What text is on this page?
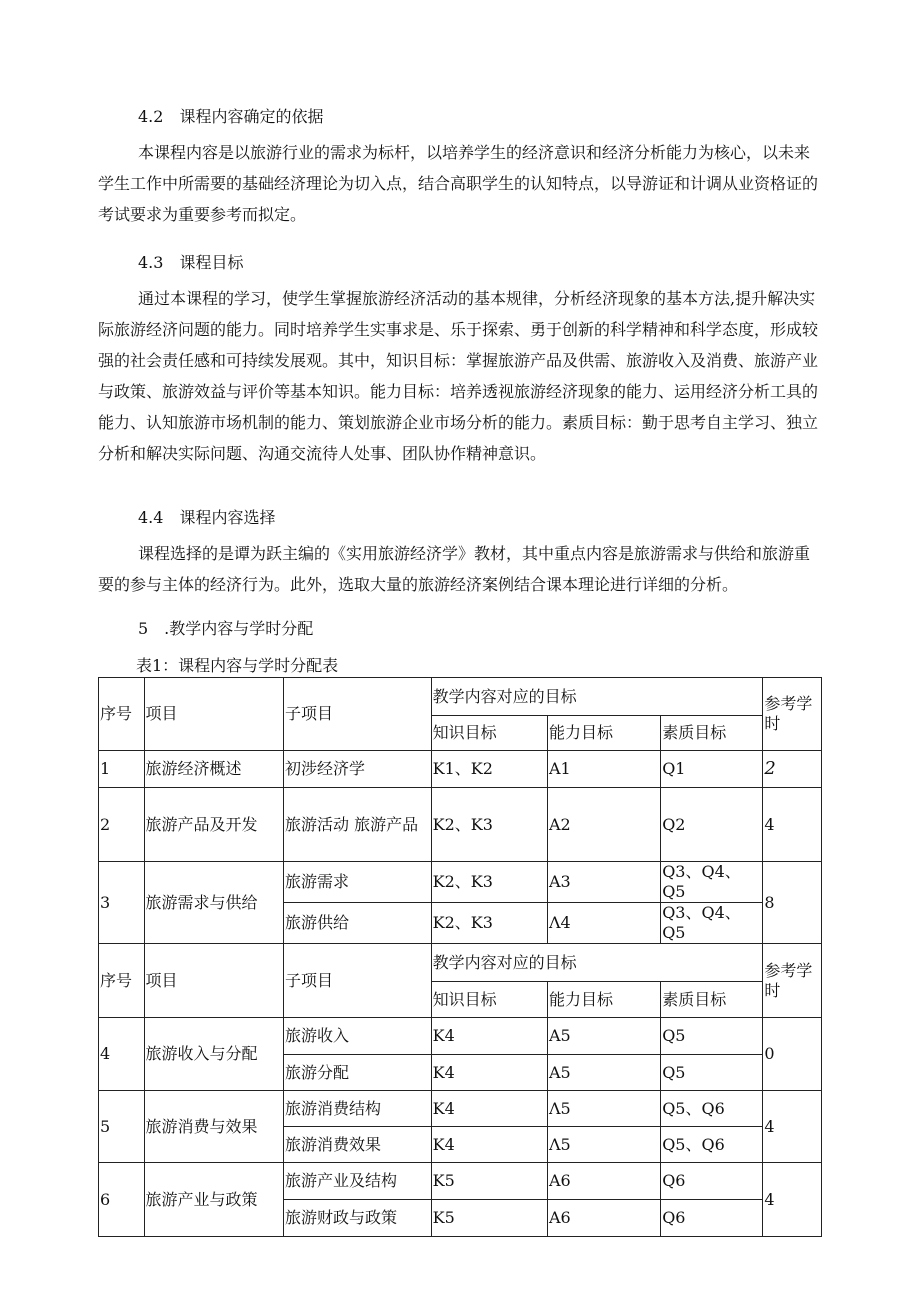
4.2　课程内容确定的依据
本课程内容是以旅游行业的需求为标杆，以培养学生的经济意识和经济分析能力为核心，以未来学生工作中所需要的基础经济理论为切入点，结合高职学生的认知特点，以导游证和计调从业资格证的考试要求为重要参考而拟定。
4.3　课程目标
通过本课程的学习，使学生掌握旅游经济活动的基本规律，分析经济现象的基本方法,提升解决实际旅游经济问题的能力。同时培养学生实事求是、乐于探索、勇于创新的科学精神和科学态度，形成较强的社会责任感和可持续发展观。其中，知识目标：掌握旅游产品及供需、旅游收入及消费、旅游产业与政策、旅游效益与评价等基本知识。能力目标：培养透视旅游经济现象的能力、运用经济分析工具的能力、认知旅游市场机制的能力、策划旅游企业市场分析的能力。素质目标：勤于思考自主学习、独立分析和解决实际问题、沟通交流待人处事、团队协作精神意识。
4.4　课程内容选择
课程选择的是谭为跃主编的《实用旅游经济学》教材，其中重点内容是旅游需求与供给和旅游重要的参与主体的经济行为。此外，选取大量的旅游经济案例结合课本理论进行详细的分析。
5　.教学内容与学时分配
表1：课程内容与学时分配表
序号	项目	子项目	教学内容对应的目标			参考学时
			知识目标	能力目标	素质目标	
1	旅游经济概述	初涉经济学	K1、K2	A1	Q1	2
2	旅游产品及开发	旅游活动 旅游产品	K2、K3	A2	Q2	4
3	旅游需求与供给	旅游需求	K2、K3	A3	Q3、Q4、Q5	8
		旅游供给	K2、K3	Λ4	Q3、Q4、Q5	
序号	项目	子项目	教学内容对应的目标			参考学时
			知识目标	能力目标	素质目标	
4	旅游收入与分配	旅游收入	K4	A5	Q5	0
		旅游分配	K4	A5	Q5	
5	旅游消费与效果	旅游消费结构	K4	Λ5	Q5、Q6	4
		旅游消费效果	K4	Λ5	Q5、Q6	
6	旅游产业与政策	旅游产业及结构	K5	A6	Q6	4
		旅游财政与政策	K5	A6	Q6	
